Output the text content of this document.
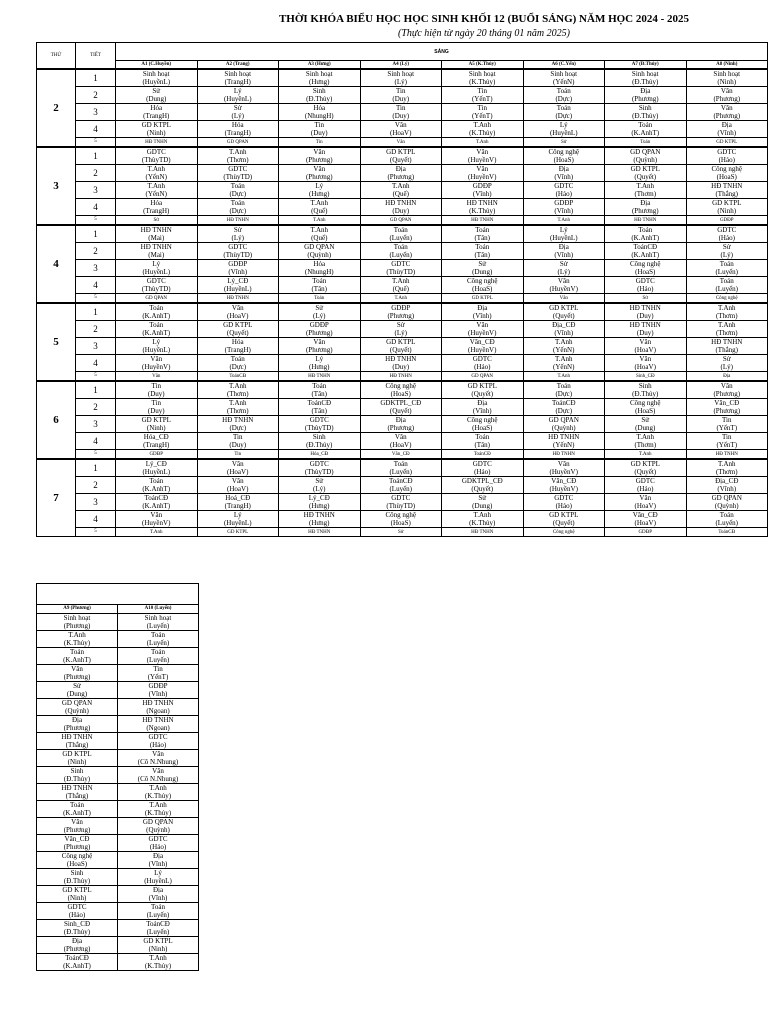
THỜI KHÓA BIỂU HỌC HỌC SINH KHỐI 12 (BUỔI SÁNG) NĂM HỌC 2024 - 2025
(Thực hiện từ ngày 20 tháng 01 năm 2025)
THỨ	TIẾT	SÁNG							
		A1 (C.Huyền)	A2 (Trang)	A3 (Hưng)	A4 (Lý)	A5 (K.Thủy)	A6 (C.Yến)	A7 (Đ.Thủy)	A8 (Ninh)
2	1	Sinh hoạt
(HuyềnL)	Sinh hoạt
(TrangH)	Sinh hoạt
(Hưng)	Sinh hoạt
(Lý)	Sinh hoạt
(K.Thủy)	Sinh hoạt
(YếnN)	Sinh hoạt
(Đ.Thủy)	Sinh hoạt
(Ninh)

	2	Sử
(Dung)	Lý
(HuyềnL)	Sinh
(Đ.Thủy)	Tin
(Duy)	Tin
(YếnT)	Toán
(Dực)	Địa
(Phương)	Văn
(Phương)

	3	Hóa
(TrangH)	Sử
(Lý)	Hóa
(NhungH)	Tin
(Duy)	Tin
(YếnT)	Toán
(Dực)	Sinh
(Đ.Thủy)	Văn
(Phương)

	4	GD KTPL
(Ninh)	Hóa
(TrangH)	Tin
(Duy)	Văn
(HoaV)	T.Anh
(K.Thủy)	Lý
(HuyềnL)	Toán
(K.AnhT)	Địa
(Vĩnh)

	5	HĐ TNHN	GD QPAN	Tin	Văn	T.Anh	Sử	Toán	GD KTPL

3	1	GDTC
(ThùyTD)	T.Anh
(Thơm)	Văn
(Phương)	GD KTPL
(Quyết)	Văn
(HuyềnV)	Công nghệ
(HoaS)	GD QPAN
(Quỳnh)	GDTC
(Hảo)

	2	T.Anh
(YếnN)	GDTC
(ThùyTD)	Văn
(Phương)	Địa
(Phương)	Văn
(HuyềnV)	Địa
(Vĩnh)	GD KTPL
(Quyết)	Công nghệ
(HoaS)

	3	T.Anh
(YếnN)	Toán
(Dực)	Lý
(Hưng)	T.Anh
(Quế)	GDĐP
(Vĩnh)	GDTC
(Hảo)	T.Anh
(Thơm)	HĐ TNHN
(Thắng)

	4	Hóa
(TrangH)	Toán
(Dực)	T.Anh
(Quế)	HĐ TNHN
(Duy)	HĐ TNHN
(K.Thủy)	GDĐP
(Vĩnh)	Địa
(Phương)	GD KTPL
(Ninh)

	5	Sử	HĐ TNHN	T.Anh	GD QPAN	HĐ TNHN	T.Anh	HĐ TNHN	GDĐP

4	1	HĐ TNHN
(Mai)	Sử
(Lý)	T.Anh
(Quế)	Toán
(Luyến)	Toán
(Tân)	Lý
(HuyềnL)	Toán
(K.AnhT)	GDTC
(Hảo)

	2	HĐ TNHN
(Mai)	GDTC
(ThùyTD)	GD QPAN
(Quỳnh)	Toán
(Luyến)	Toán
(Tân)	Địa
(Vĩnh)	ToánCĐ
(K.AnhT)	Sử
(Lý)

	3	Lý
(HuyềnL)	GDĐP
(Vĩnh)	Hóa
(NhungH)	GDTC
(ThùyTD)	Sử
(Dung)	Sử
(Lý)	Công nghệ
(HoaS)	Toán
(Luyến)

	4	GDTC
(ThùyTD)	Lý_CĐ
(HuyềnL)	Toán
(Tân)	T.Anh
(Quế)	Công nghệ
(HoaS)	Văn
(HuyềnV)	GDTC
(Hảo)	Toán
(Luyến)

	5	GD QPAN	HĐ TNHN	Toán	T.Anh	GD KTPL	Văn	Sử	Công nghệ

5	1	Toán
(K.AnhT)	Văn
(HoaV)	Sử
(Lý)	GDĐP
(Phương)	Địa
(Vĩnh)	GD KTPL
(Quyết)	HĐ TNHN
(Duy)	T.Anh
(Thơm)

	2	Toán
(K.AnhT)	GD KTPL
(Quyết)	GDĐP
(Phương)	Sử
(Lý)	Văn
(HuyềnV)	Địa_CĐ
(Vĩnh)	HĐ TNHN
(Duy)	T.Anh
(Thơm)

	3	Lý
(HuyềnL)	Hóa
(TrangH)	Văn
(Phương)	GD KTPL
(Quyết)	Văn_CĐ
(HuyềnV)	T.Anh
(YếnN)	Văn
(HoaV)	HĐ TNHN
(Thắng)

	4	Văn
(HuyềnV)	Toán
(Dực)	Lý
(Hưng)	HĐ TNHN
(Duy)	GDTC
(Hảo)	T.Anh
(YếnN)	Văn
(HoaV)	Sử
(Lý)

	5	Văn	ToánCĐ	HĐ TNHN	HĐ TNHN	GD QPAN	T.Anh	Sinh_CĐ	Địa

6	1	Tin
(Duy)	T.Anh
(Thơm)	Toán
(Tân)	Công nghệ
(HoaS)	GD KTPL
(Quyết)	Toán
(Dực)	Sinh
(Đ.Thủy)	Văn
(Phương)

	2	Tin
(Duy)	T.Anh
(Thơm)	ToánCĐ
(Tân)	GDKTPL_CĐ
(Quyết)	Địa
(Vĩnh)	ToánCĐ
(Dực)	Công nghệ
(HoaS)	Văn_CĐ
(Phương)

	3	GD KTPL
(Ninh)	HĐ TNHN
(Dực)	GDTC
(ThùyTD)	Địa
(Phương)	Công nghệ
(HoaS)	GD QPAN
(Quỳnh)	Sử
(Dung)	Tin
(YếnT)

	4	Hóa_CĐ
(TrangH)	Tin
(Duy)	Sinh
(Đ.Thủy)	Văn
(HoaV)	Toán
(Tân)	HĐ TNHN
(YếnN)	T.Anh
(Thơm)	Tin
(YếnT)

	5	GDĐP	Tin	Hóa_CĐ	Văn_CĐ	ToánCĐ	HĐ TNHN	T.Anh	HĐ TNHN

7	1	Lý_CĐ
(HuyềnL)	Văn
(HoaV)	GDTC
(ThùyTD)	Toán
(Luyến)	GDTC
(Hảo)	Văn
(HuyềnV)	GD KTPL
(Quyết)	T.Anh
(Thơm)

	2	Toán
(K.AnhT)	Văn
(HoaV)	Sử
(Lý)	ToánCĐ
(Luyến)	GDKTPL_CĐ
(Quyết)	Văn_CĐ
(HuyềnV)	GDTC
(Hảo)	Địa_CĐ
(Vĩnh)

	3	ToánCĐ
(K.AnhT)	Hoá_CĐ
(TrangH)	Lý_CĐ
(Hưng)	GDTC
(ThùyTD)	Sử
(Dung)	GDTC
(Hảo)	Văn
(HoaV)	GD QPAN
(Quỳnh)

	4	Văn
(HuyềnV)	Lý
(HuyềnL)	HĐ TNHN
(Hưng)	Công nghệ
(HoaS)	T.Anh
(K.Thủy)	GD KTPL
(Quyết)	Văn_CĐ
(HoaV)	Toán
(Luyến)

	5	T.Anh	GD KTPL	HĐ TNHN	Sử	HĐ TNHN	Công nghệ	GDĐP	ToánCĐ

A9 (Phương)	A10 (Luyến)

Sinh hoạt
(Phương)	Sinh hoạt
(Luyến)

T.Anh
(K.Thủy)	Toán
(Luyến)

Toán
(K.AnhT)	Toán
(Luyến)

Văn
(Phương)	Tin
(YếnT)

Sử
(Dung)	GDĐP
(Vĩnh)

GD QPAN
(Quỳnh)	HĐ TNHN
(Ngoan)

Địa
(Phương)	HĐ TNHN
(Ngoan)

HĐ TNHN
(Thắng)	GDTC
(Hảo)

GD KTPL
(Ninh)	Văn
(Cô N.Nhung)

Sinh
(Đ.Thủy)	Văn
(Cô N.Nhung)

HĐ TNHN
(Thắng)	T.Anh
(K.Thủy)

Toán
(K.AnhT)	T.Anh
(K.Thủy)

Văn
(Phương)	GD QPAN
(Quỳnh)

Văn_CĐ
(Phương)	GDTC
(Hảo)

Công nghệ
(HoaS)	Địa
(Vĩnh)

Sinh
(Đ.Thủy)	Lý
(HuyềnL)

GD KTPL
(Ninh)	Địa
(Vĩnh)

GDTC
(Hảo)	Toán
(Luyến)

Sinh_CĐ
(Đ.Thủy)	ToánCĐ
(Luyến)

Địa
(Phương)	GD KTPL
(Ninh)

ToánCĐ
(K.AnhT)	T.Anh
(K.Thủy)
